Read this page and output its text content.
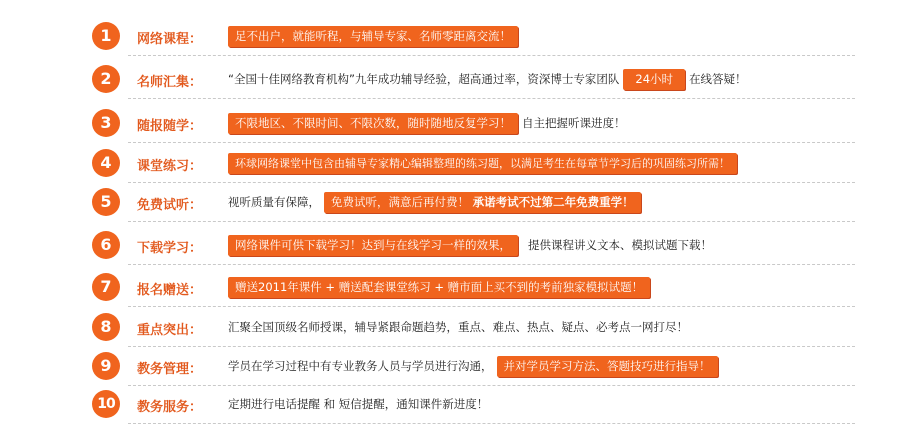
1	网络课程：	足不出户，就能听程，与辅导专家、名师零距离交流！
2	名师汇集： “全国十佳网络教育机构”九年成功辅导经验，超高通过率，资深博士专家团队	24小时	在线答疑！
3	随报随学：	不限地区、不限时间、不限次数，随时随地反复学习！ 自主把握听课进度！
4	课堂练习：	环球网络课堂中包含由辅导专家精心编辑整理的练习题，以满足考生在每章节学习后的巩固练习所需！
5	免费试听： 视听质量有保障， 免费试听，满意后再付费！ 承诺考试不过第二年免费重学！
6	下载学习：	网络课件可供下载学习！达到与在线学习一样的效果，	提供课程讲义文本、模拟试题下载！
7	报名赠送：	赠送2011年课件 + 赠送配套课堂练习 + 赠市面上买不到的考前独家模拟试题！
8	重点突出： 汇聚全国顶级名师授课，辅导紧跟命题趋势，重点、难点、热点、疑点、必考点一网打尽！
9	教务管理： 学员在学习过程中有专业教务人员与学员进行沟通， 并对学员学习方法、答题技巧进行指导！
10	教务服务： 定期进行电话提醒 和 短信提醒，通知课件新进度！
